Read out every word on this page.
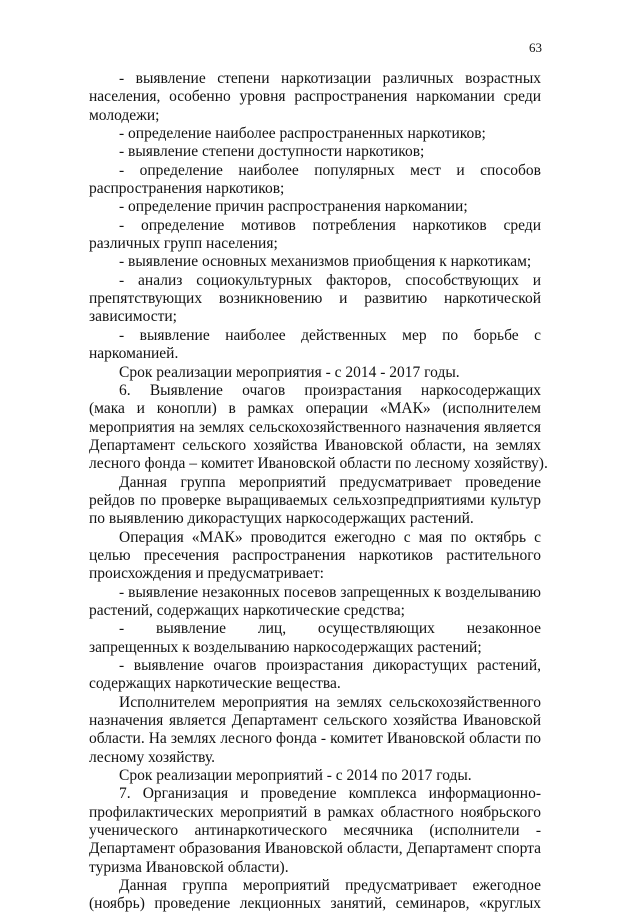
63
- выявление степени наркотизации различных возрастных
населения, особенно уровня распространения наркомании среди
молодежи;
- определение наиболее распространенных наркотиков;
- выявление степени доступности наркотиков;
- определение наиболее популярных мест и способов
распространения наркотиков;
- определение причин распространения наркомании;
- определение мотивов потребления наркотиков среди
различных групп населения;
- выявление основных механизмов приобщения к наркотикам;
- анализ социокультурных факторов, способствующих и
препятствующих возникновению и развитию наркотической
зависимости;
- выявление наиболее действенных мер по борьбе с
наркоманией.
Срок реализации мероприятия - с 2014 - 2017 годы.
6. Выявление очагов произрастания наркосодержащих
(мака и конопли) в рамках операции «МАК» (исполнителем
мероприятия на землях сельскохозяйственного назначения является
Департамент сельского хозяйства Ивановской области, на землях
лесного фонда – комитет Ивановской области по лесному хозяйству).
Данная группа мероприятий предусматривает проведение
рейдов по проверке выращиваемых сельхозпредприятиями культур
по выявлению дикорастущих наркосодержащих растений.
Операция «МАК» проводится ежегодно с мая по октябрь с
целью пресечения распространения наркотиков растительного
происхождения и предусматривает:
- выявление незаконных посевов запрещенных к возделыванию
растений, содержащих наркотические средства;
- выявление лиц, осуществляющих незаконное
запрещенных к возделыванию наркосодержащих растений;
- выявление очагов произрастания дикорастущих растений,
содержащих наркотические вещества.
Исполнителем мероприятия на землях сельскохозяйственного
назначения является Департамент сельского хозяйства Ивановской
области. На землях лесного фонда - комитет Ивановской области по
лесному хозяйству.
Срок реализации мероприятий - с 2014 по 2017 годы.
7. Организация и проведение комплекса информационно-
профилактических мероприятий в рамках областного ноябрьского
ученического антинаркотического месячника (исполнители -
Департамент образования Ивановской области, Департамент спорта
туризма Ивановской области).
Данная группа мероприятий предусматривает ежегодное
(ноябрь) проведение лекционных занятий, семинаров, «круглых
